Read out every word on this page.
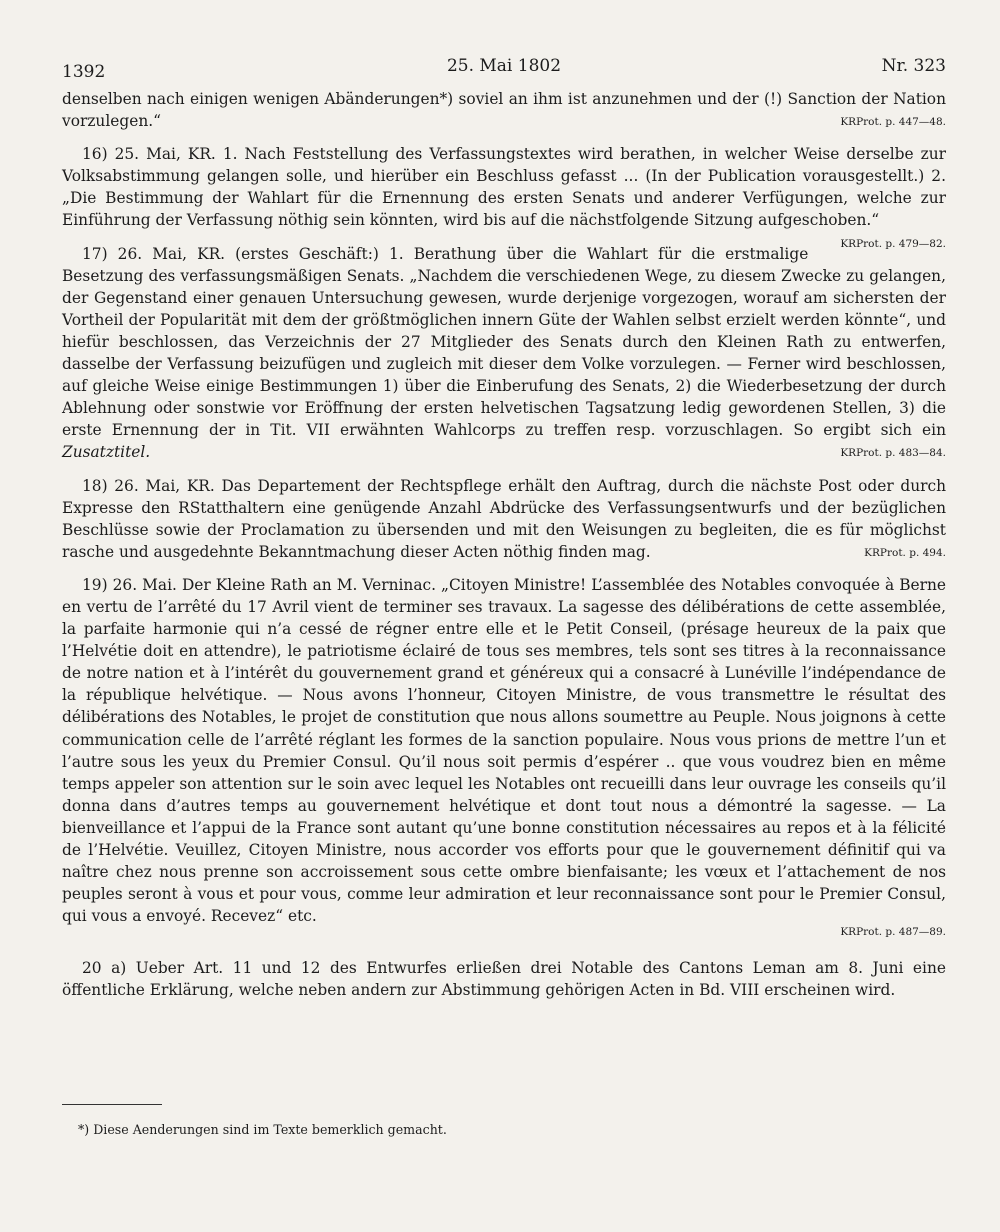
1392	25. Mai 1802	Nr. 323

denselben nach einigen wenigen Abänderungen*) soviel an ihm ist anzunehmen und der (!) Sanction der Nation vorzulegen.“	KRProt. p. 447—48.

16) 25. Mai, KR. 1. Nach Feststellung des Verfassungstextes wird berathen, in welcher Weise derselbe zur Volksabstimmung gelangen solle, und hierüber ein Beschluss gefasst ... (In der Publication vorausgestellt.) 2. „Die Bestimmung der Wahlart für die Ernennung des ersten Senats und anderer Verfügungen, welche zur Einführung der Verfassung nöthig sein könnten, wird bis auf die nächstfolgende Sitzung aufgeschoben.“
KRProt. p. 479—82.

17) 26. Mai, KR. (erstes Geschäft:) 1. Berathung über die Wahlart für die erstmalige Besetzung des verfassungsmäßigen Senats. „Nachdem die verschiedenen Wege, zu diesem Zwecke zu gelangen, der Gegenstand einer genauen Untersuchung gewesen, wurde derjenige vorgezogen, worauf am sichersten der Vortheil der Popularität mit dem der größtmöglichen innern Güte der Wahlen selbst erzielt werden könnte“, und hiefür beschlossen, das Verzeichnis der 27 Mitglieder des Senats durch den Kleinen Rath zu entwerfen, dasselbe der Verfassung beizufügen und zugleich mit dieser dem Volke vorzulegen. — Ferner wird beschlossen, auf gleiche Weise einige Bestimmungen 1) über die Einberufung des Senats, 2) die Wiederbesetzung der durch Ablehnung oder sonstwie vor Eröffnung der ersten helvetischen Tagsatzung ledig gewordenen Stellen, 3) die erste Ernennung der in Tit. VII erwähnten Wahlcorps zu treffen resp. vorzuschlagen. So ergibt sich ein Zusatztitel.	KRProt. p. 483—84.

18) 26. Mai, KR. Das Departement der Rechtspflege erhält den Auftrag, durch die nächste Post oder durch Expresse den RStatthaltern eine genügende Anzahl Abdrücke des Verfassungsentwurfs und der bezüglichen Beschlüsse sowie der Proclamation zu übersenden und mit den Weisungen zu begleiten, die es für möglichst rasche und ausgedehnte Bekanntmachung dieser Acten nöthig finden mag.	KRProt. p. 494.

19) 26. Mai. Der Kleine Rath an M. Verninac. „Citoyen Ministre! L’assemblée des Notables convoquée à Berne en vertu de l’arrêté du 17 Avril vient de terminer ses travaux. La sagesse des délibérations de cette assemblée, la parfaite harmonie qui n’a cessé de régner entre elle et le Petit Conseil, (présage heureux de la paix que l’Helvétie doit en attendre), le patriotisme éclairé de tous ses membres, tels sont ses titres à la reconnaissance de notre nation et à l’intérêt du gouvernement grand et généreux qui a consacré à Lunéville l’indépendance de la république helvétique. — Nous avons l’honneur, Citoyen Ministre, de vous transmettre le résultat des délibérations des Notables, le projet de constitution que nous allons soumettre au Peuple. Nous joignons à cette communication celle de l’arrêté réglant les formes de la sanction populaire. Nous vous prions de mettre l’un et l’autre sous les yeux du Premier Consul. Qu’il nous soit permis d’espérer .. que vous voudrez bien en même temps appeler son attention sur le soin avec lequel les Notables ont recueilli dans leur ouvrage les conseils qu’il donna dans d’autres temps au gouvernement helvétique et dont tout nous a démontré la sagesse. — La bienveillance et l’appui de la France sont autant qu’une bonne constitution nécessaires au repos et à la félicité de l’Helvétie. Veuillez, Citoyen Ministre, nous accorder vos efforts pour que le gouvernement définitif qui va naître chez nous prenne son accroissement sous cette ombre bienfaisante; les vœux et l’attachement de nos peuples seront à vous et pour vous, comme leur admiration et leur reconnaissance sont pour le Premier Consul, qui vous a envoyé. Recevez“ etc.

KRProt. p. 487—89.

20 a) Ueber Art. 11 und 12 des Entwurfes erließen drei Notable des Cantons Leman am 8. Juni eine öffentliche Erklärung, welche neben andern zur Abstimmung gehörigen Acten in Bd. VIII erscheinen wird.

*) Diese Aenderungen sind im Texte bemerklich gemacht.
